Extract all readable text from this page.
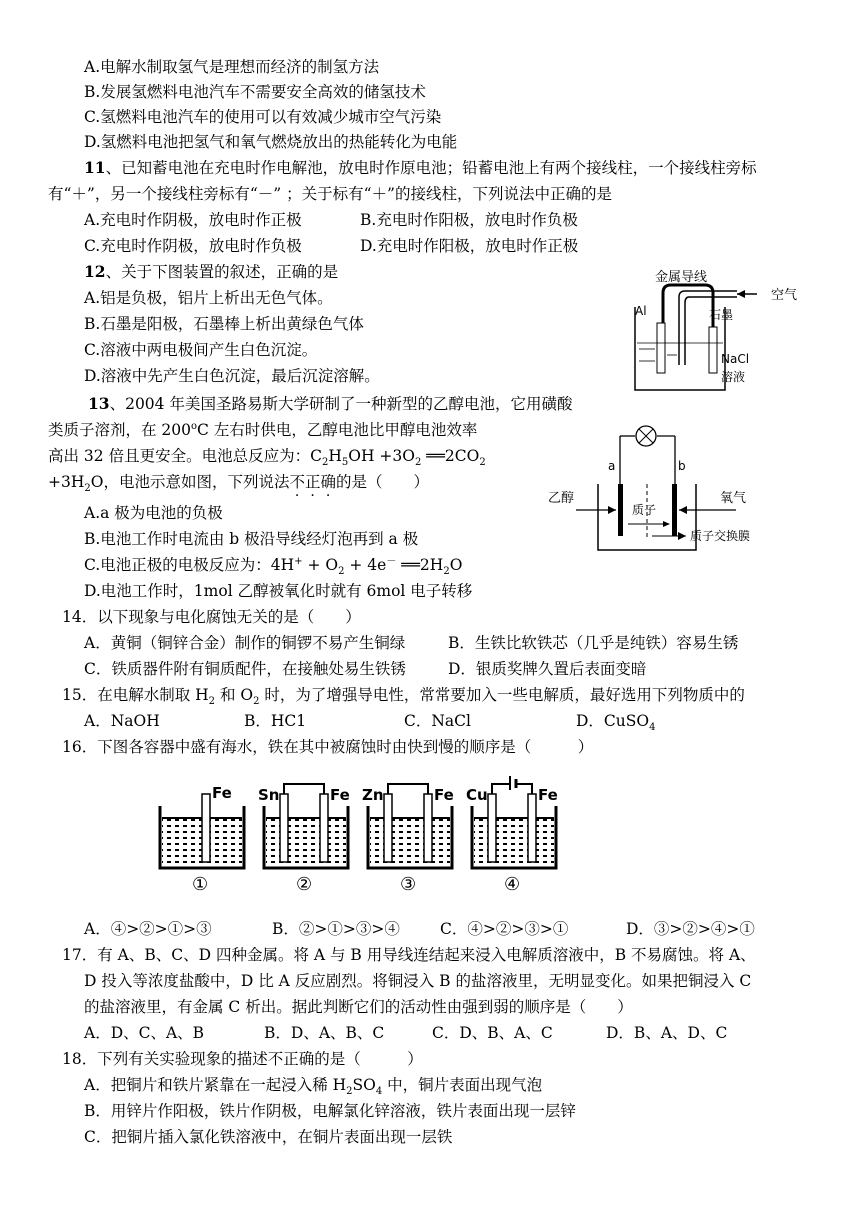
A.电解水制取氢气是理想而经济的制氢方法
B.发展氢燃料电池汽车不需要安全高效的储氢技术
C.氢燃料电池汽车的使用可以有效减少城市空气污染
D.氢燃料电池把氢气和氧气燃烧放出的热能转化为电能
11、已知蓄电池在充电时作电解池，放电时作原电池；铅蓄电池上有两个接线柱，一个接线柱旁标
有“＋”，另一个接线柱旁标有“－” ；关于标有“＋”的接线柱，下列说法中正确的是
A.充电时作阴极，放电时作正极	B.充电时作阳极，放电时作负极
C.充电时作阴极，放电时作负极	D.充电时作阳极，放电时作正极
12、关于下图装置的叙述，正确的是
A.铝是负极，铝片上析出无色气体。
B.石墨是阳极，石墨棒上析出黄绿色气体
C.溶液中两电极间产生白色沉淀。
D.溶液中先产生白色沉淀，最后沉淀溶解。
金属导线
空气
Al	石墨
NaCl
溶液
13、2004 年美国圣路易斯大学研制了一种新型的乙醇电池，它用磺酸
类质子溶剂，在 200$^o$C 左右时供电，乙醇电池比甲醇电池效率
高出 32 倍且更安全。电池总反应为：$C_2H_5OH +3O_2$ $══2CO_2$
$+3H_2O$，电池示意如图，下列说法不正确的是（　　）
A.a 极为电池的负极
B.电池工作时电流由 b 极沿导线经灯泡再到 a 极
C.电池正极的电极反应为：$4H^+ + O_2 + 4e^-$ $══2H_2O$
D.电池工作时，1mol 乙醇被氧化时就有 6mol 电子转移
a	b
乙醇	氧气
质子
质子交换膜
14．以下现象与电化腐蚀无关的是（　　）
A．黄铜（铜锌合金）制作的铜锣不易产生铜绿	B．生铁比软铁芯（几乎是纯铁）容易生锈
C．铁质器件附有铜质配件，在接触处易生铁锈	D．银质奖牌久置后表面变暗
15．在电解水制取 $H_2$ 和 $O_2$ 时，为了增强导电性，常常要加入一些电解质，最好选用下列物质中的
A．NaOH	B．HC1	C．NaCl	D．CuSO$_4$
16．下图各容器中盛有海水，铁在其中被腐蚀时由快到慢的顺序是（　　　）
Fe
①
Sn	Fe
②
Zn	Fe
③
Cu	Fe
④
A．④>②>①>③	B．②>①>③>④	C．④>②>③>①	D．③>②>④>①
17．有 A、B、C、D 四种金属。将 A 与 B 用导线连结起来浸入电解质溶液中，B 不易腐蚀。将 A、
D 投入等浓度盐酸中，D 比 A 反应剧烈。将铜浸入 B 的盐溶液里，无明显变化。如果把铜浸入 C
的盐溶液里，有金属 C 析出。据此判断它们的活动性由强到弱的顺序是（　　）
A．D、C、A、B	B．D、A、B、C	C．D、B、A、C	D．B、A、D、C
18．下列有关实验现象的描述不正确的是（　　　）
A．把铜片和铁片紧靠在一起浸入稀 $H_2SO_4$ 中，铜片表面出现气泡
B．用锌片作阳极，铁片作阴极，电解氯化锌溶液，铁片表面出现一层锌
C．把铜片插入氯化铁溶液中，在铜片表面出现一层铁
